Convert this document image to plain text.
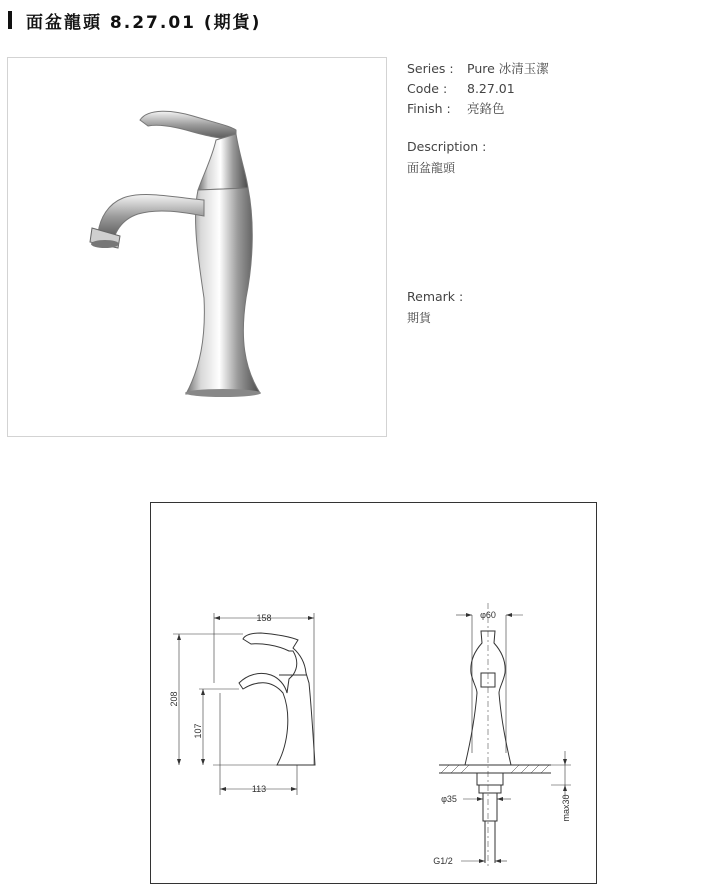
面盆龍頭 8.27.01 (期貨)
Series :	Pure 冰清玉潔
Code :	8.27.01
Finish :	亮鉻色
Description :
面盆龍頭
Remark :
期貨
158
208
107
113
φ60
φ35
G1/2
max30
